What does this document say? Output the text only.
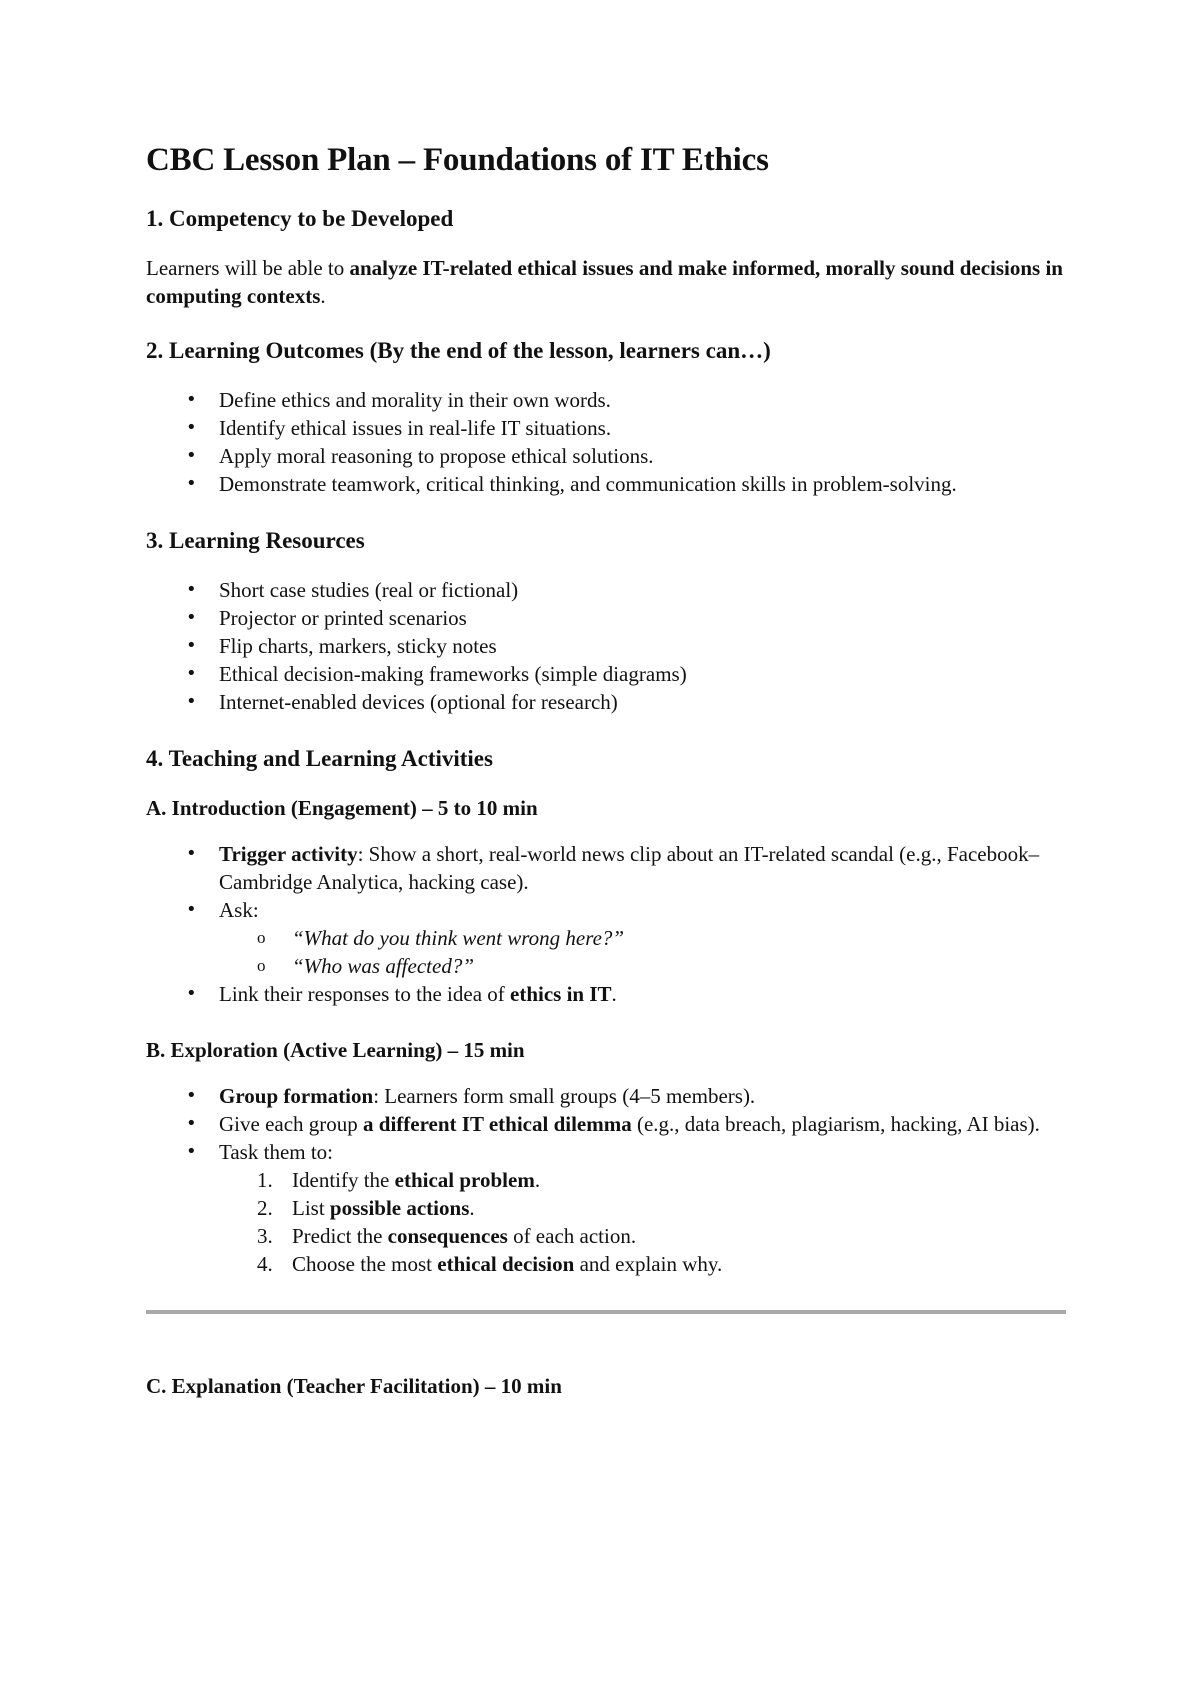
CBC Lesson Plan – Foundations of IT Ethics
1. Competency to be Developed

Learners will be able to analyze IT-related ethical issues and make informed, morally sound decisions in computing contexts.

2. Learning Outcomes (By the end of the lesson, learners can…)
• Define ethics and morality in their own words.
• Identify ethical issues in real-life IT situations.
• Apply moral reasoning to propose ethical solutions.
• Demonstrate teamwork, critical thinking, and communication skills in problem-solving.
3. Learning Resources
• Short case studies (real or fictional)
• Projector or printed scenarios
• Flip charts, markers, sticky notes
• Ethical decision-making frameworks (simple diagrams)
• Internet-enabled devices (optional for research)
4. Teaching and Learning Activities
A. Introduction (Engagement) – 5 to 10 min
• Trigger activity: Show a short, real-world news clip about an IT-related scandal (e.g., Facebook–Cambridge Analytica, hacking case).
• Ask:
o “What do you think went wrong here?”
o “Who was affected?”
• Link their responses to the idea of ethics in IT.
B. Exploration (Active Learning) – 15 min
• Group formation: Learners form small groups (4–5 members).
• Give each group a different IT ethical dilemma (e.g., data breach, plagiarism, hacking, AI bias).
• Task them to:
1. Identify the ethical problem.
2. List possible actions.
3. Predict the consequences of each action.
4. Choose the most ethical decision and explain why.
C. Explanation (Teacher Facilitation) – 10 min
